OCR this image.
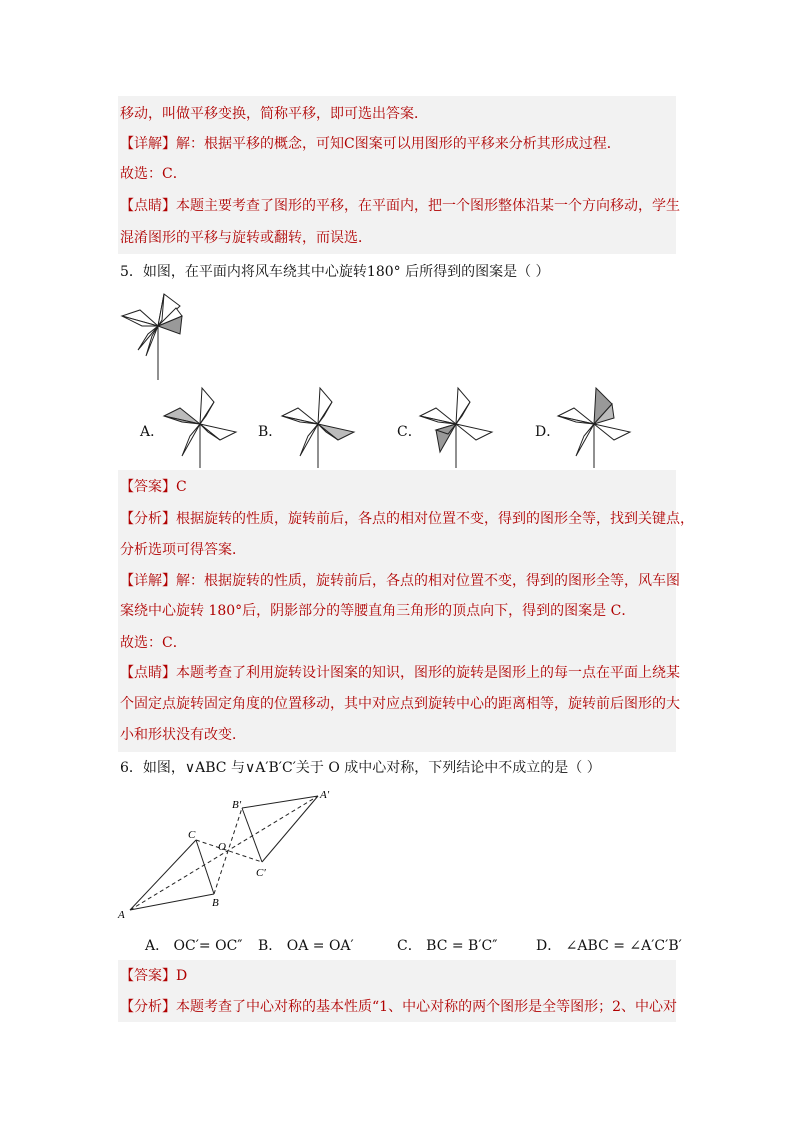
移动，叫做平移变换，简称平移，即可选出答案．
【详解】解：根据平移的概念，可知C图案可以用图形的平移来分析其形成过程．
故选：C．
【点睛】本题主要考查了图形的平移，在平面内，把一个图形整体沿某一个方向移动，学生
混淆图形的平移与旋转或翻转，而误选．
5．如图，在平面内将风车绕其中心旋转180° 后所得到的图案是（ ）
A．	B．	C．	D．
【答案】C
【分析】根据旋转的性质，旋转前后，各点的相对位置不变，得到的图形全等，找到关键点，
分析选项可得答案．
【详解】解：根据旋转的性质，旋转前后，各点的相对位置不变，得到的图形全等，风车图
案绕中心旋转 180°后，阴影部分的等腰直角三角形的顶点向下，得到的图案是 C．
故选：C．
【点睛】本题考查了利用旋转设计图案的知识，图形的旋转是图形上的每一点在平面上绕某
个固定点旋转固定角度的位置移动，其中对应点到旋转中心的距离相等，旋转前后图形的大
小和形状没有改变．
6．如图，∨ABC 与∨A′B′C′关于 O 成中心对称，下列结论中不成立的是（ ）
A
B
C
O
A′
B′
C′
A． OC′= OC″ B． OA = OA′	C． BC = B′C″	D． ∠ABC = ∠A′C′B′
【答案】D
【分析】本题考查了中心对称的基本性质“1、中心对称的两个图形是全等图形；2、中心对
